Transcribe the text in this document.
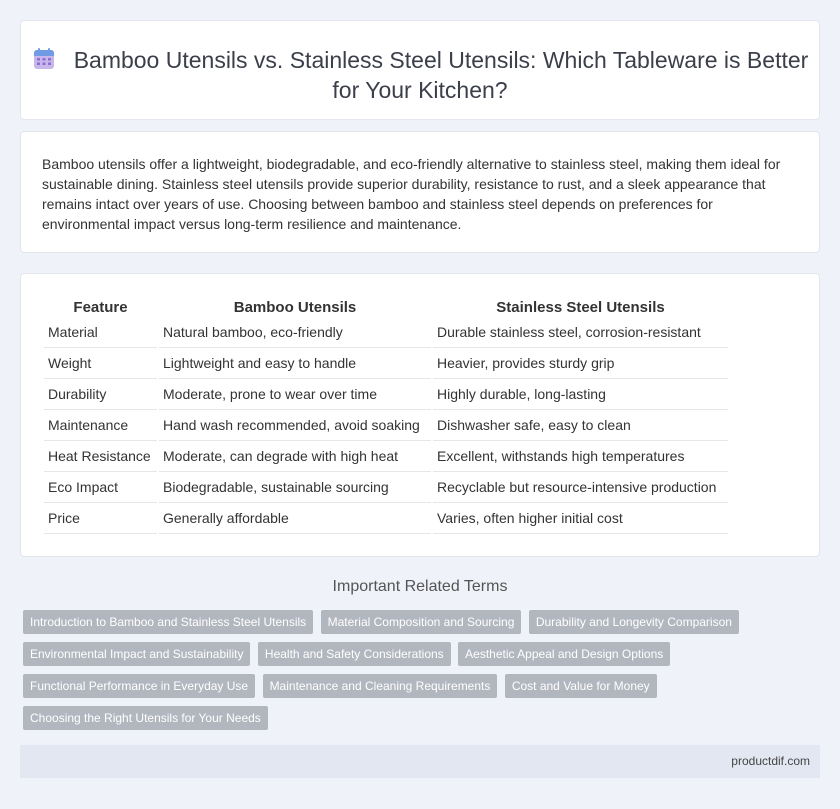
Bamboo Utensils vs. Stainless Steel Utensils: Which Tableware is Better for Your Kitchen?

Bamboo utensils offer a lightweight, biodegradable, and eco-friendly alternative to stainless steel, making them ideal for sustainable dining. Stainless steel utensils provide superior durability, resistance to rust, and a sleek appearance that remains intact over years of use. Choosing between bamboo and stainless steel depends on preferences for environmental impact versus long-term resilience and maintenance.

Feature	Bamboo Utensils	Stainless Steel Utensils
Material	Natural bamboo, eco-friendly	Durable stainless steel, corrosion-resistant
Weight	Lightweight and easy to handle	Heavier, provides sturdy grip
Durability	Moderate, prone to wear over time	Highly durable, long-lasting
Maintenance	Hand wash recommended, avoid soaking	Dishwasher safe, easy to clean
Heat Resistance	Moderate, can degrade with high heat	Excellent, withstands high temperatures
Eco Impact	Biodegradable, sustainable sourcing	Recyclable but resource-intensive production
Price	Generally affordable	Varies, often higher initial cost
Important Related Terms
Introduction to Bamboo and Stainless Steel Utensils Material Composition and Sourcing Durability and Longevity Comparison Environmental Impact and Sustainability Health and Safety Considerations Aesthetic Appeal and Design Options Functional Performance in Everyday Use Maintenance and Cleaning Requirements Cost and Value for Money Choosing the Right Utensils for Your Needs
productdif.com
